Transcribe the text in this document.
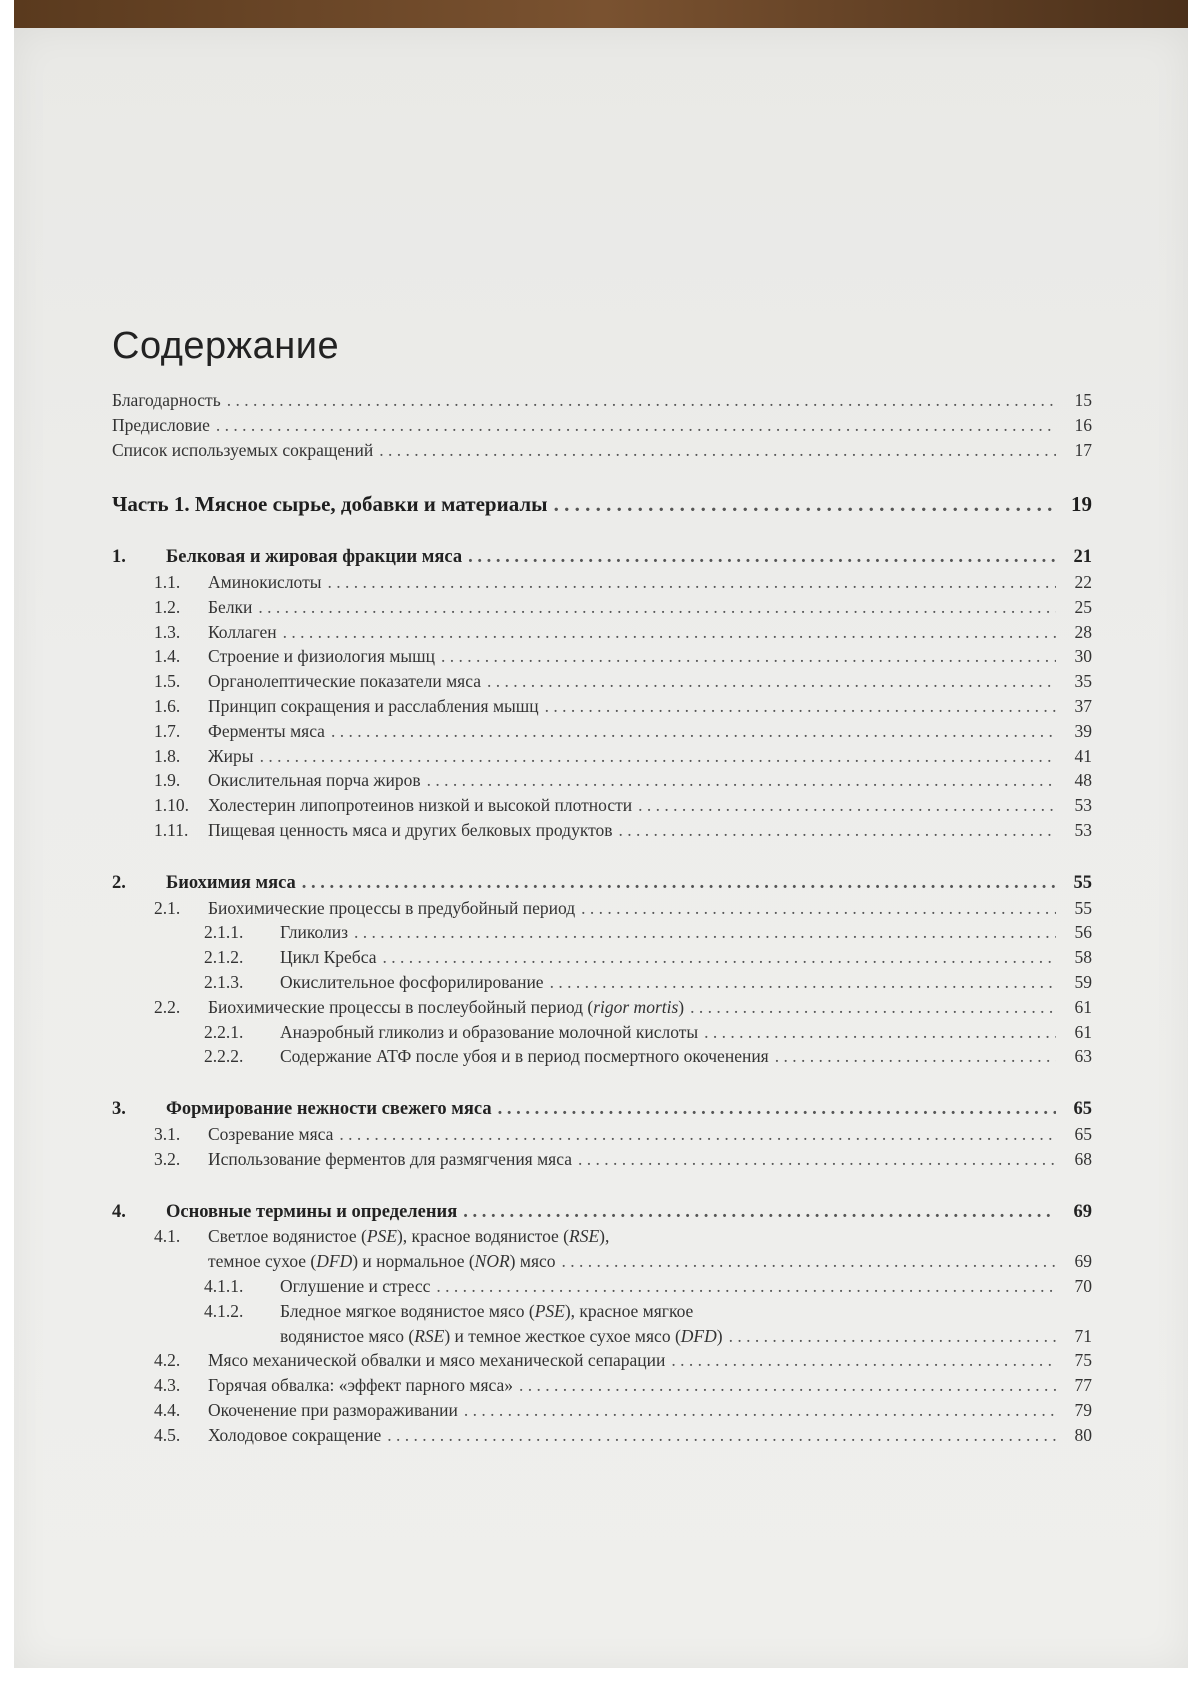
Содержание
Благодарность . . .	15
Предисловие . . .	16
Список используемых сокращений . . .	17
Часть 1. Мясное сырье, добавки и материалы . . .	19
1.	Белковая и жировая фракции мяса . . .	21
1.1.	Аминокислоты . . .	22
1.2.	Белки . . .	25
1.3.	Коллаген . . .	28
1.4.	Строение и физиология мышц . . .	30
1.5.	Органолептические показатели мяса . . .	35
1.6.	Принцип сокращения и расслабления мышц . . .	37
1.7.	Ферменты мяса . . .	39
1.8.	Жиры . . .	41
1.9.	Окислительная порча жиров . . .	48
1.10.	Холестерин липопротеинов низкой и высокой плотности . . .	53
1.11.	Пищевая ценность мяса и других белковых продуктов . . .	53
2.	Биохимия мяса . . .	55
2.1.	Биохимические процессы в предубойный период . . .	55
2.1.1.	Гликолиз . . .	56
2.1.2.	Цикл Кребса . . .	58
2.1.3.	Окислительное фосфорилирование . . .	59
2.2.	Биохимические процессы в послеубойный период (rigor mortis) . . .	61
2.2.1.	Анаэробный гликолиз и образование молочной кислоты . . .	61
2.2.2.	Содержание АТФ после убоя и в период посмертного окоченения . . .	63
3.	Формирование нежности свежего мяса . . .	65
3.1.	Созревание мяса . . .	65
3.2.	Использование ферментов для размягчения мяса . . .	68
4.	Основные термины и определения . . .	69
4.1.	Светлое водянистое (PSE), красное водянистое (RSE),
темное сухое (DFD) и нормальное (NOR) мясо . . .	69
4.1.1.	Оглушение и стресс . . .	70
4.1.2.	Бледное мягкое водянистое мясо (PSE), красное мягкое
водянистое мясо (RSE) и темное жесткое сухое мясо (DFD) . . .	71
4.2.	Мясо механической обвалки и мясо механической сепарации . . .	75
4.3.	Горячая обвалка: «эффект парного мяса» . . .	77
4.4.	Окоченение при размораживании . . .	79
4.5.	Холодовое сокращение . . .	80
